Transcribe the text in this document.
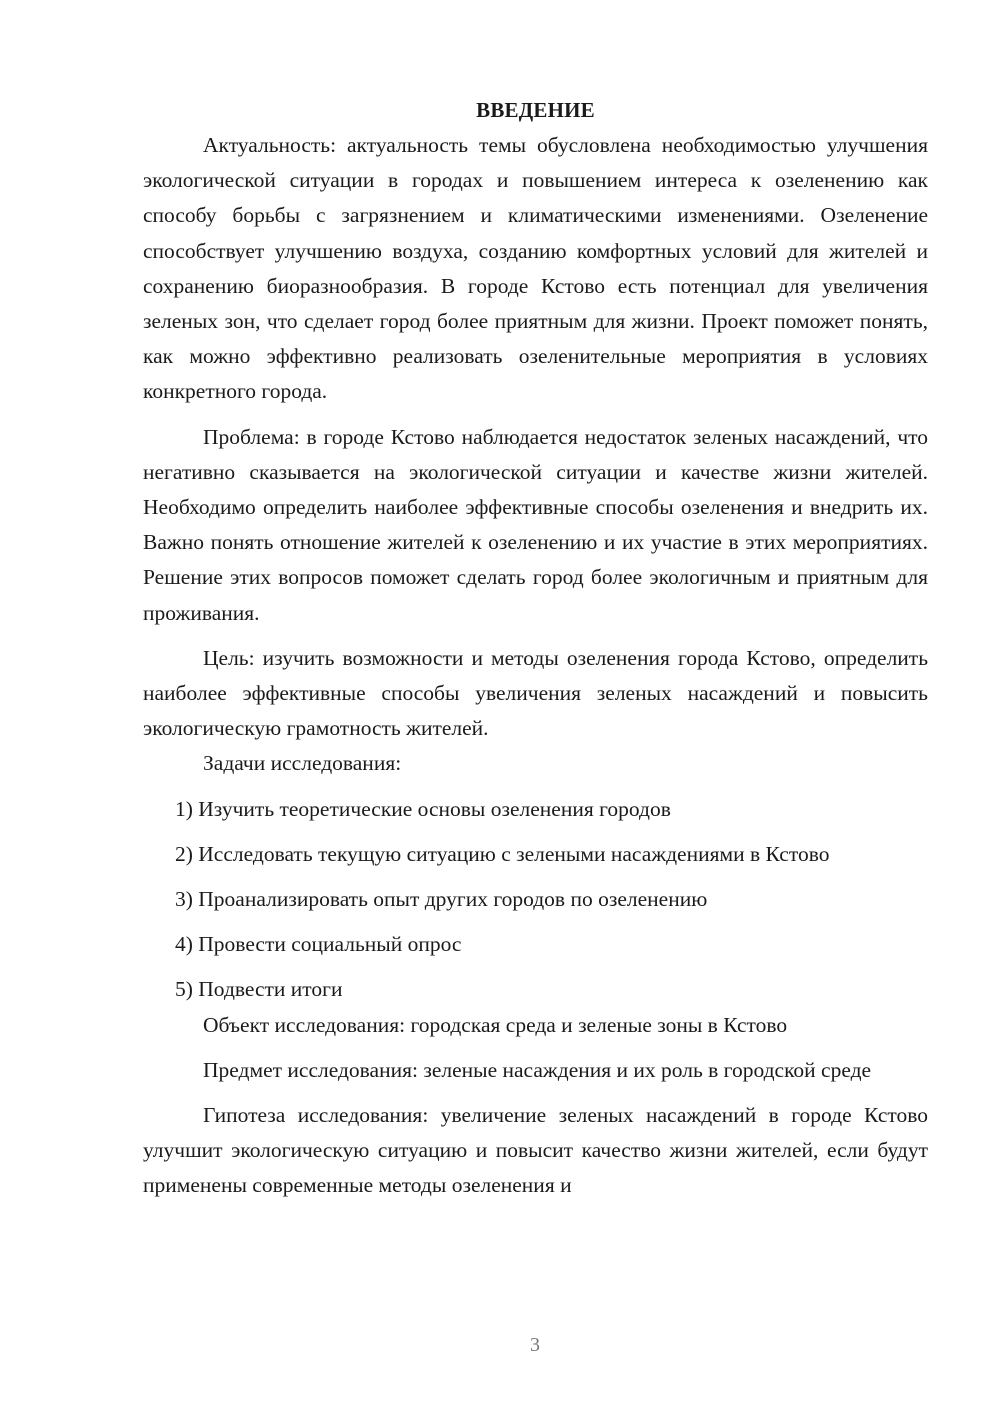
ВВЕДЕНИЕ

Актуальность: актуальность темы обусловлена необходимостью улучшения экологической ситуации в городах и повышением интереса к озеленению как способу борьбы с загрязнением и климатическими изменениями. Озеленение способствует улучшению воздуха, созданию комфортных условий для жителей и сохранению биоразнообразия. В городе Кстово есть потенциал для увеличения зеленых зон, что сделает город более приятным для жизни. Проект поможет понять, как можно эффективно реализовать озеленительные мероприятия в условиях конкретного города.

Проблема: в городе Кстово наблюдается недостаток зеленых насаждений, что негативно сказывается на экологической ситуации и качестве жизни жителей. Необходимо определить наиболее эффективные способы озеленения и внедрить их. Важно понять отношение жителей к озеленению и их участие в этих мероприятиях. Решение этих вопросов поможет сделать город более экологичным и приятным для проживания.

Цель: изучить возможности и методы озеленения города Кстово, определить наиболее эффективные способы увеличения зеленых насаждений и повысить экологическую грамотность жителей.

Задачи исследования:

1) Изучить теоретические основы озеленения городов
2) Исследовать текущую ситуацию с зелеными насаждениями в Кстово
3) Проанализировать опыт других городов по озеленению
4) Провести социальный опрос
5) Подвести итоги

Объект исследования: городская среда и зеленые зоны в Кстово

Предмет исследования: зеленые насаждения и их роль в городской среде

Гипотеза исследования: увеличение зеленых насаждений в городе Кстово улучшит экологическую ситуацию и повысит качество жизни жителей, если будут применены современные методы озеленения и

3
